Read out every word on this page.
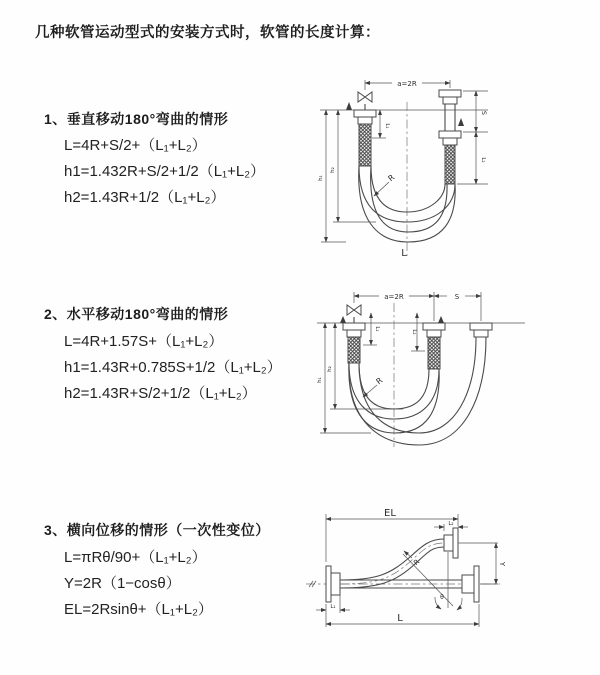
几种软管运动型式的安装方式时，软管的长度计算：
1、垂直移动180°弯曲的情形
L=4R+S/2+（L₁+L₂）
h1=1.432R+S/2+1/2（L₁+L₂）
h2=1.43R+1/2（L₁+L₂）
2、水平移动180°弯曲的情形
L=4R+1.57S+（L₁+L₂）
h1=1.43R+0.785S+1/2（L₁+L₂）
h2=1.43R+S/2+1/2（L₁+L₂）
3、横向位移的情形（一次性变位）
L=πRθ/90+（L₁+L₂）
Y=2R（1−cosθ）
EL=2Rsinθ+（L₁+L₂）
a=2R
L₁
S
L₂
h₁
h₂
R
L
a=2R	S
L₁
L₂
h₁
h₂
R
EL
L₂
Y
R
θ
L
L₁
